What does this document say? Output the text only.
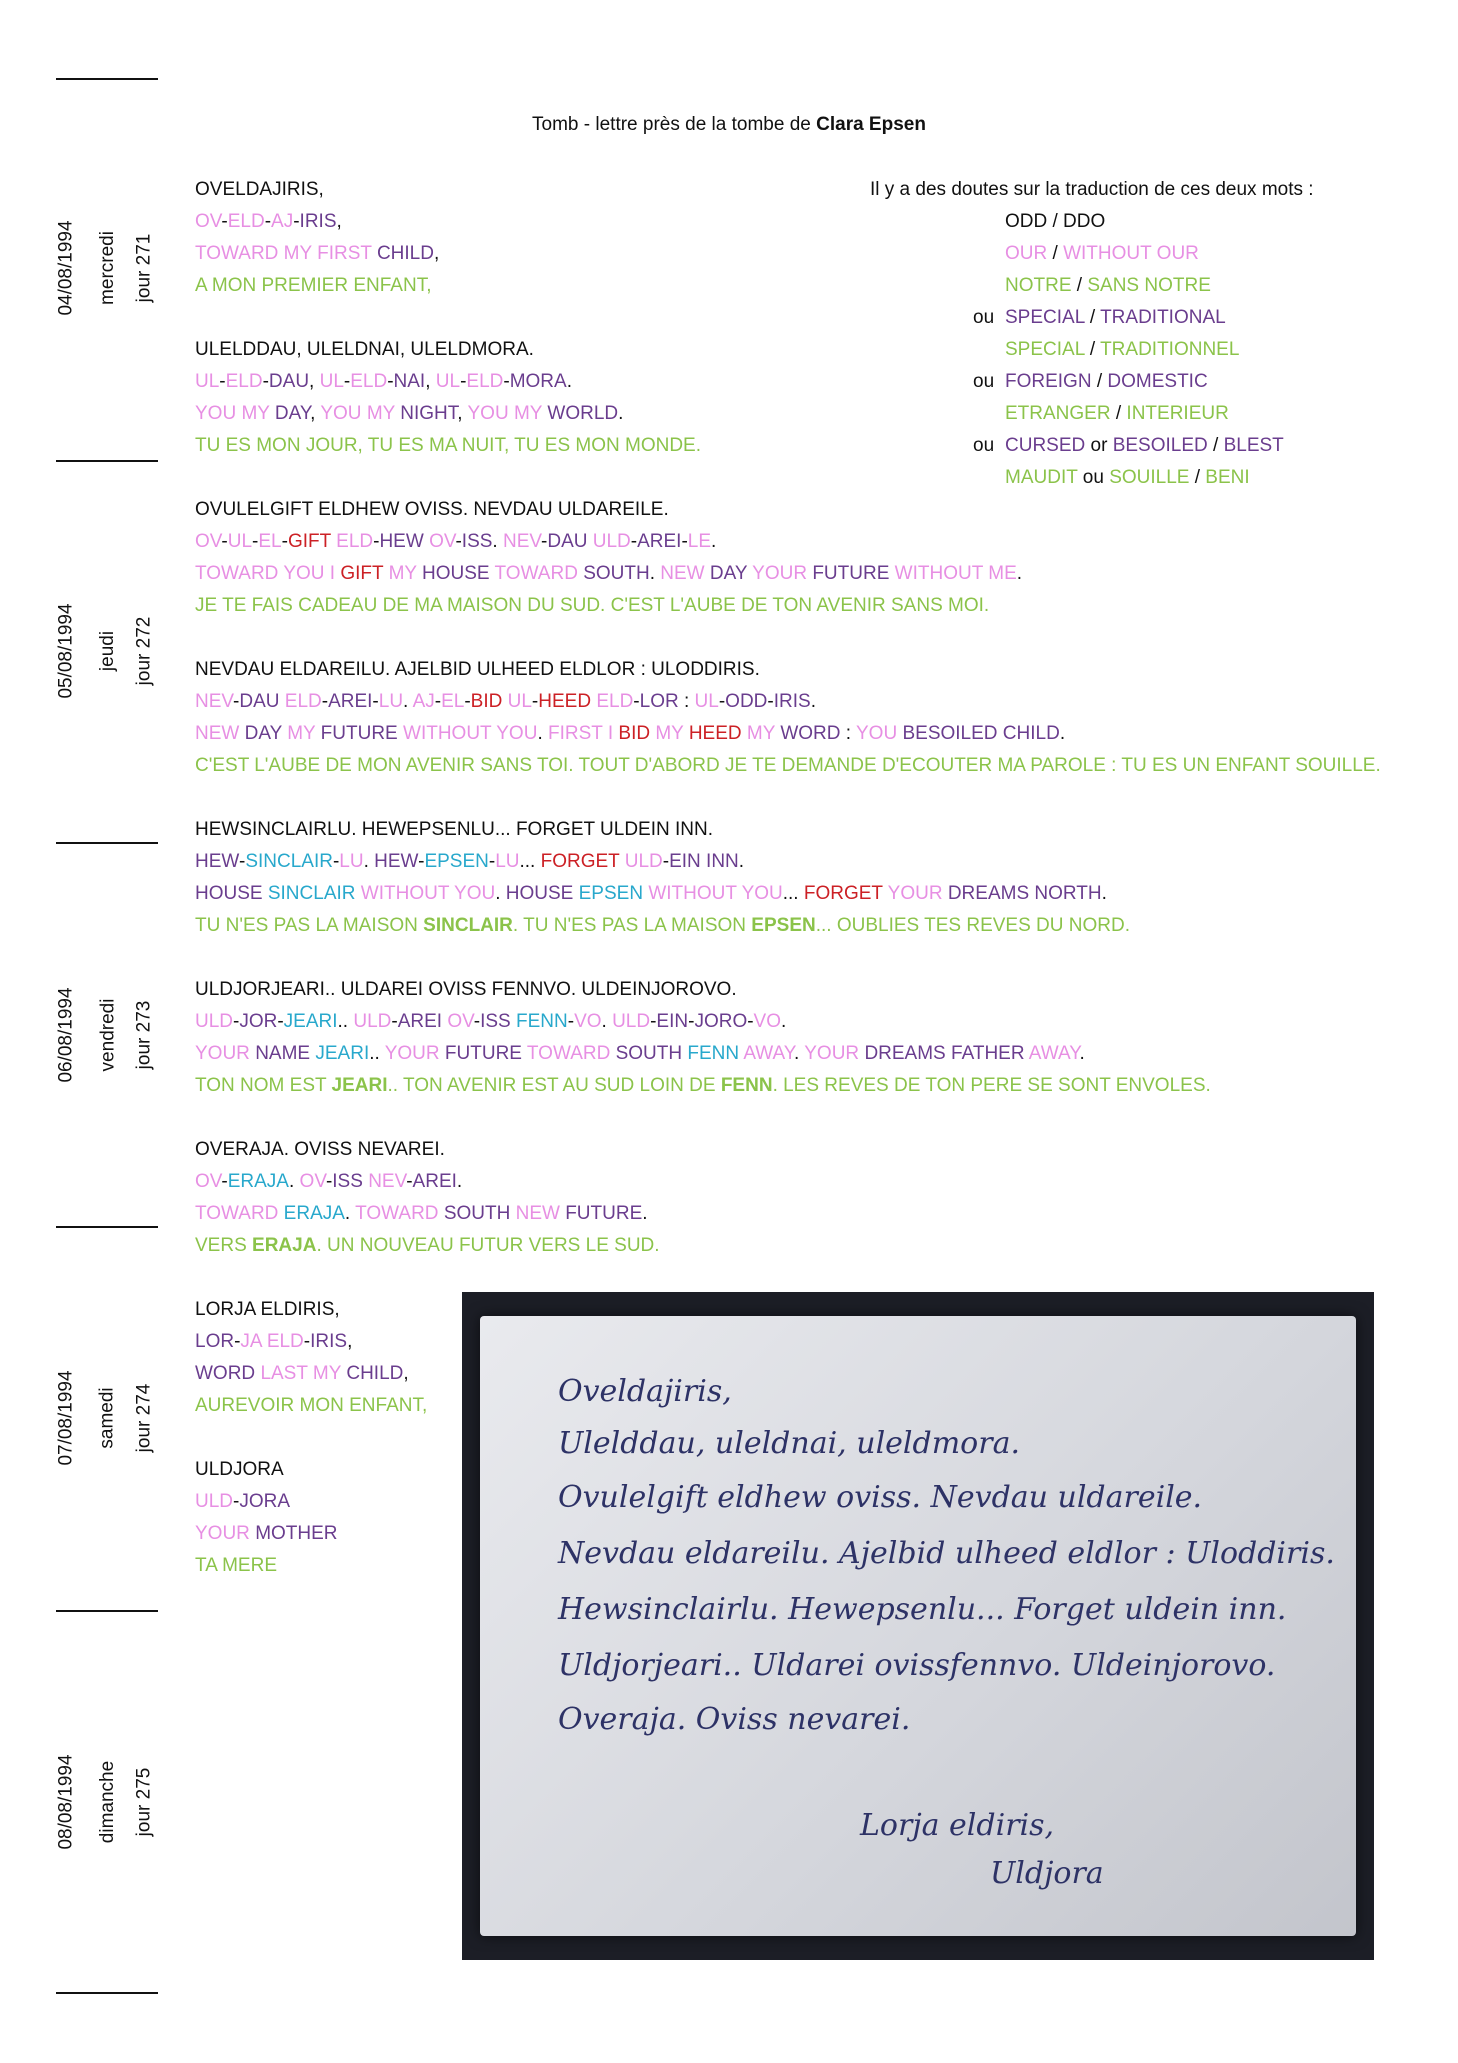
04/08/1994 mercredi jour 271
05/08/1994 jeudi jour 272
06/08/1994 vendredi jour 273
07/08/1994 samedi jour 274
08/08/1994 dimanche jour 275
Tomb - lettre près de la tombe de Clara Epsen
Il y a des doutes sur la traduction de ces deux mots :
ODD / DDO
OUR / WITHOUT OUR
NOTRE / SANS NOTRE
ou SPECIAL / TRADITIONAL
SPECIAL / TRADITIONNEL
ou FOREIGN / DOMESTIC
ETRANGER / INTERIEUR
ou CURSED or BESOILED / BLEST
MAUDIT ou SOUILLE / BENI
OVELDAJIRIS,
OV-ELD-AJ-IRIS,
TOWARD MY FIRST CHILD,
A MON PREMIER ENFANT,
ULELDDAU, ULELDNAI, ULELDMORA.
UL-ELD-DAU, UL-ELD-NAI, UL-ELD-MORA.
YOU MY DAY, YOU MY NIGHT, YOU MY WORLD.
TU ES MON JOUR, TU ES MA NUIT, TU ES MON MONDE.
OVULELGIFT ELDHEW OVISS. NEVDAU ULDAREILE.
OV-UL-EL-GIFT ELD-HEW OV-ISS. NEV-DAU ULD-AREI-LE.
TOWARD YOU I GIFT MY HOUSE TOWARD SOUTH. NEW DAY YOUR FUTURE WITHOUT ME.
JE TE FAIS CADEAU DE MA MAISON DU SUD. C'EST L'AUBE DE TON AVENIR SANS MOI.
NEVDAU ELDAREILU. AJELBID ULHEED ELDLOR : ULODDIRIS.
NEV-DAU ELD-AREI-LU. AJ-EL-BID UL-HEED ELD-LOR : UL-ODD-IRIS.
NEW DAY MY FUTURE WITHOUT YOU. FIRST I BID MY HEED MY WORD : YOU BESOILED CHILD.
C'EST L'AUBE DE MON AVENIR SANS TOI. TOUT D'ABORD JE TE DEMANDE D'ECOUTER MA PAROLE : TU ES UN ENFANT SOUILLE.
HEWSINCLAIRLU. HEWEPSENLU... FORGET ULDEIN INN.
HEW-SINCLAIR-LU. HEW-EPSEN-LU... FORGET ULD-EIN INN.
HOUSE SINCLAIR WITHOUT YOU. HOUSE EPSEN WITHOUT YOU... FORGET YOUR DREAMS NORTH.
TU N'ES PAS LA MAISON SINCLAIR. TU N'ES PAS LA MAISON EPSEN... OUBLIES TES REVES DU NORD.
ULDJORJEARI.. ULDAREI OVISS FENNVO. ULDEINJOROVO.
ULD-JOR-JEARI.. ULD-AREI OV-ISS FENN-VO. ULD-EIN-JORO-VO.
YOUR NAME JEARI.. YOUR FUTURE TOWARD SOUTH FENN AWAY. YOUR DREAMS FATHER AWAY.
TON NOM EST JEARI.. TON AVENIR EST AU SUD LOIN DE FENN. LES REVES DE TON PERE SE SONT ENVOLES.
OVERAJA. OVISS NEVAREI.
OV-ERAJA. OV-ISS NEV-AREI.
TOWARD ERAJA. TOWARD SOUTH NEW FUTURE.
VERS ERAJA. UN NOUVEAU FUTUR VERS LE SUD.
LORJA ELDIRIS,
LOR-JA ELD-IRIS,
WORD LAST MY CHILD,
AUREVOIR MON ENFANT,
ULDJORA
ULD-JORA
YOUR MOTHER
TA MERE
Oveldajiris,
Ulelddau, uleldnai, uleldmora.
Ovulelgift eldhew oviss. Nevdau uldareile.
Nevdau eldareilu. Ajelbid ulheed eldlor : Uloddiris.
Hewsinclairlu. Hewepsenlu... Forget uldein inn.
Uldjorjeari.. Uldarei ovissfennvo. Uldeinjorovo.
Overaja. Oviss nevarei.
Lorja eldiris,
Uldjora
